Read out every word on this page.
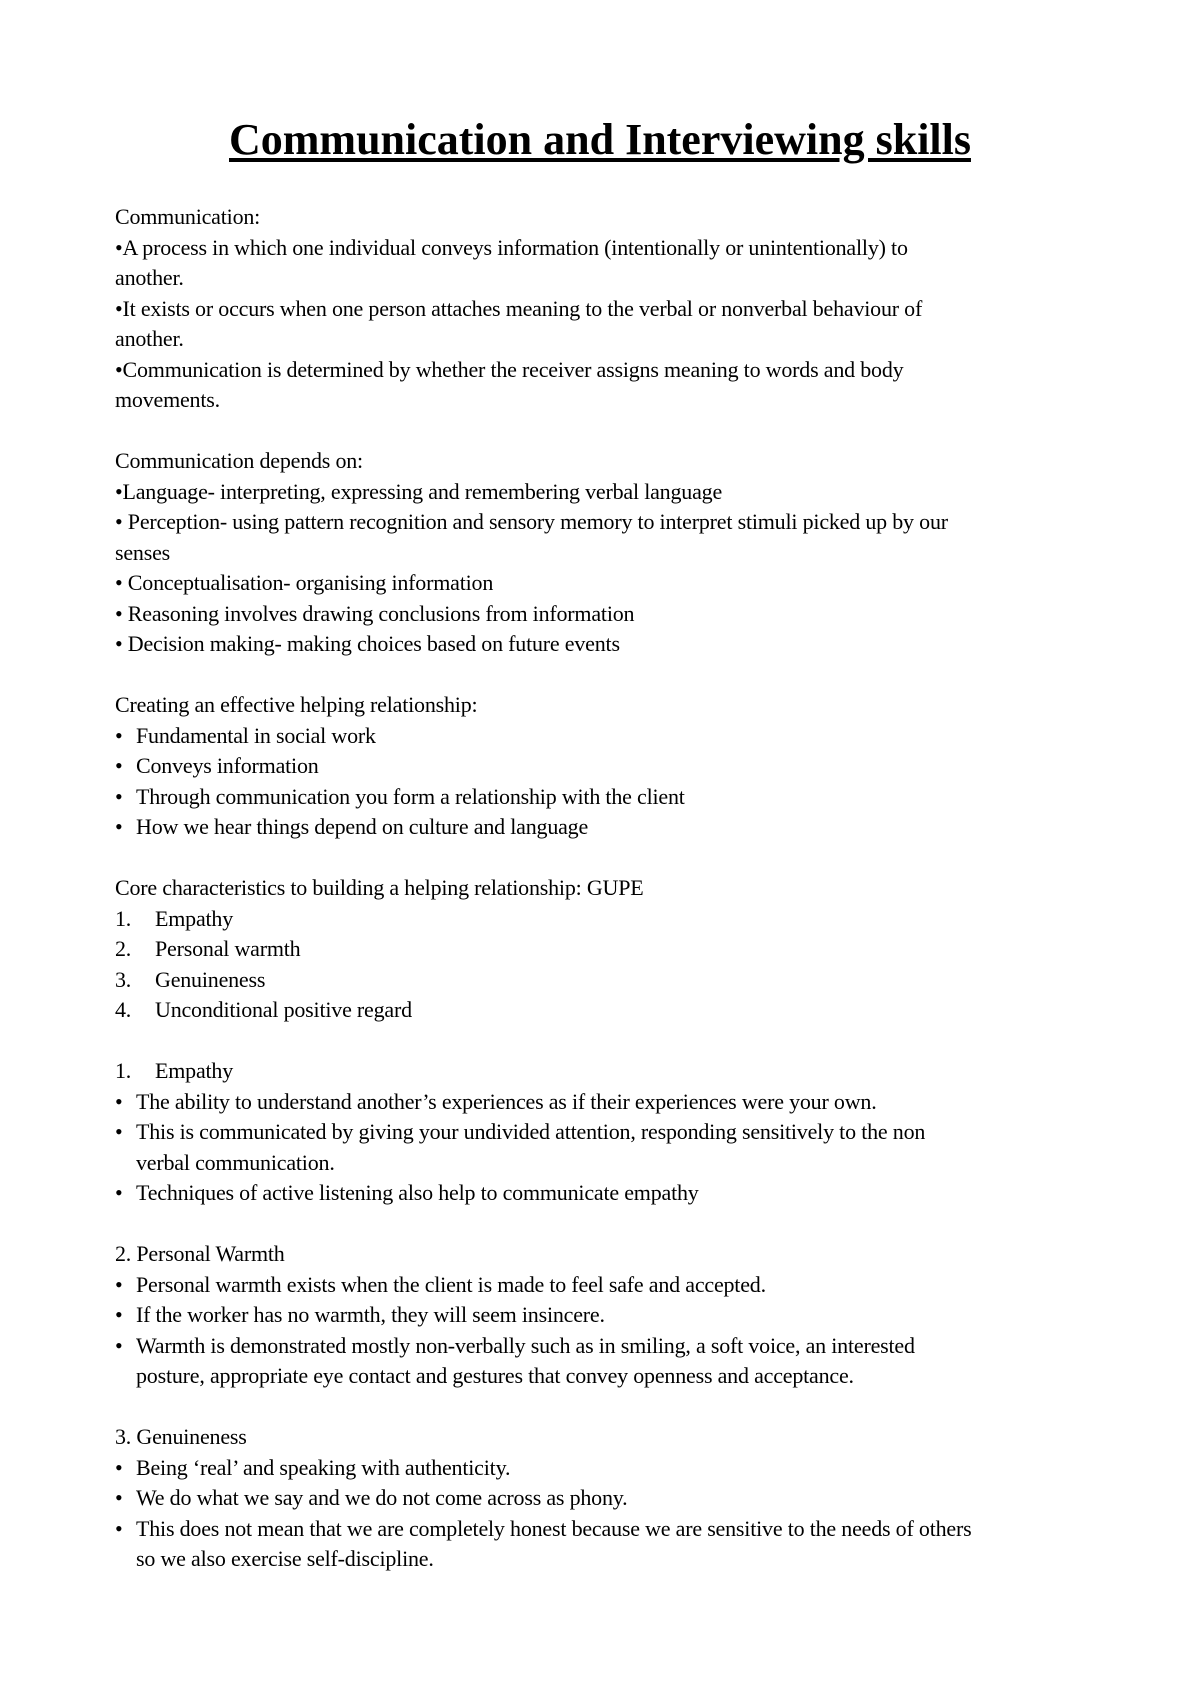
Communication and Interviewing skills
Communication:
•A process in which one individual conveys information (intentionally or unintentionally) to
another.
•It exists or occurs when one person attaches meaning to the verbal or nonverbal behaviour of
another.
•Communication is determined by whether the receiver assigns meaning to words and body
movements.
Communication depends on:
•Language- interpreting, expressing and remembering verbal language
• Perception- using pattern recognition and sensory memory to interpret stimuli picked up by our
senses
• Conceptualisation- organising information
• Reasoning involves drawing conclusions from information
• Decision making- making choices based on future events
Creating an effective helping relationship:
• Fundamental in social work
• Conveys information
• Through communication you form a relationship with the client
• How we hear things depend on culture and language
Core characteristics to building a helping relationship: GUPE
1. Empathy
2. Personal warmth
3. Genuineness
4. Unconditional positive regard
1. Empathy
• The ability to understand another’s experiences as if their experiences were your own.
• This is communicated by giving your undivided attention, responding sensitively to the non
verbal communication.
• Techniques of active listening also help to communicate empathy
2. Personal Warmth
• Personal warmth exists when the client is made to feel safe and accepted.
• If the worker has no warmth, they will seem insincere.
• Warmth is demonstrated mostly non-verbally such as in smiling, a soft voice, an interested
posture, appropriate eye contact and gestures that convey openness and acceptance.
3. Genuineness
• Being ‘real’ and speaking with authenticity.
• We do what we say and we do not come across as phony.
• This does not mean that we are completely honest because we are sensitive to the needs of others
so we also exercise self-discipline.
